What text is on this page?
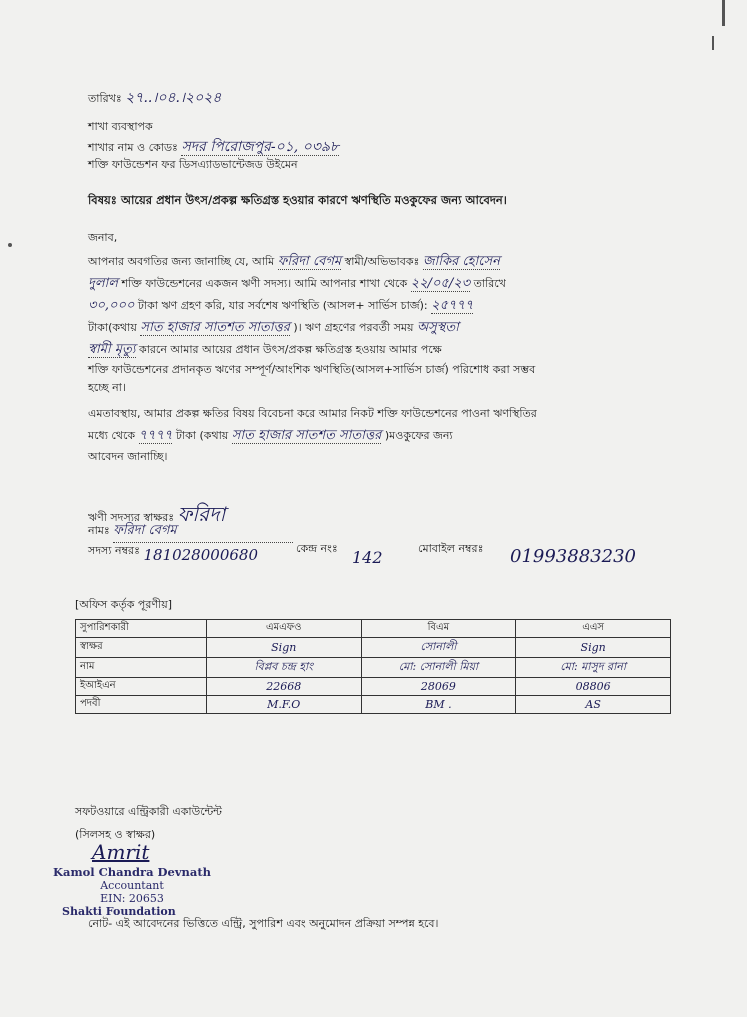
তারিখঃ ২৭..।০৪.।২০২৪
শাখা ব্যবস্থাপক
শাখার নাম ও কোডঃ সদর পিরোজপুর-০১, ০৩৯৮
শক্তি ফাউন্ডেশন ফর ডিসএ্যাডভান্টেজড উইমেন
বিষয়ঃ আয়ের প্রধান উৎস/প্রকল্প ক্ষতিগ্রস্ত হওয়ার কারণে ঋণস্থিতি মওকুফের জন্য আবেদন।
জনাব,
আপনার অবগতির জন্য জানাচ্ছি যে, আমি ফরিদা বেগম স্বামী/অভিভাবকঃ জাকির হোসেন
দুলাল শক্তি ফাউন্ডেশনের একজন ঋণী সদস্য। আমি আপনার শাখা থেকে ২২/০৫/২৩ তারিখে
৩০,০০০ টাকা ঋণ গ্রহণ করি, যার সর্বশেষ ঋণস্থিতি (আসল+ সার্ভিস চার্জ): ২৫৭৭৭
টাকা(কথায় সাত হাজার সাতশত সাতাত্তর )। ঋণ গ্রহণের পরবর্তী সময় অসুস্থতা
স্বামী মৃত্যু কারনে আমার আয়ের প্রধান উৎস/প্রকল্প ক্ষতিগ্রস্ত হওয়ায় আমার পক্ষে
শক্তি ফাউন্ডেশনের প্রদানকৃত ঋণের সম্পূর্ণ/আংশিক ঋণস্থিতি(আসল+সার্ভিস চার্জ) পরিশোধ করা সম্ভব
হচ্ছে না।
এমতাবস্থায়, আমার প্রকল্প ক্ষতির বিষয় বিবেচনা করে আমার নিকট শক্তি ফাউন্ডেশনের পাওনা ঋণস্থিতির
মধ্যে থেকে ৭৭৭৭ টাকা (কথায় সাত হাজার সাতশত সাতাত্তর )মওকুফের জন্য
আবেদন জানাচ্ছি।
ঋণী সদস্যর স্বাক্ষরঃ ফরিদা
নামঃ ফরিদা বেগম
সদস্য নম্বরঃ 181028000680	কেন্দ্র নংঃ 142	মোবাইল নম্বরঃ 01993883230
[অফিস কর্তৃক পূরণীয়]
সুপারিশকারী	এমএফও	বিএম	এএস
স্বাক্ষর	Sign	সোনালী	Sign
নাম	বিপ্লব চন্দ্র হাং	মো: সোনালী মিয়া	মো: মাসুদ রানা
ইআইএন	22668	28069	08806
পদবী	M.F.O	BM .	AS
সফটওয়ারে এন্ট্রিকারী একাউন্টেন্ট
(সিলসহ ও স্বাক্ষর)
Amrit
Kamol Chandra Devnath
Accountant
EIN: 20653
Shakti Foundation
নোট- এই আবেদনের ভিত্তিতে এন্ট্রি, সুপারিশ এবং অনুমোদন প্রক্রিয়া সম্পন্ন হবে।
